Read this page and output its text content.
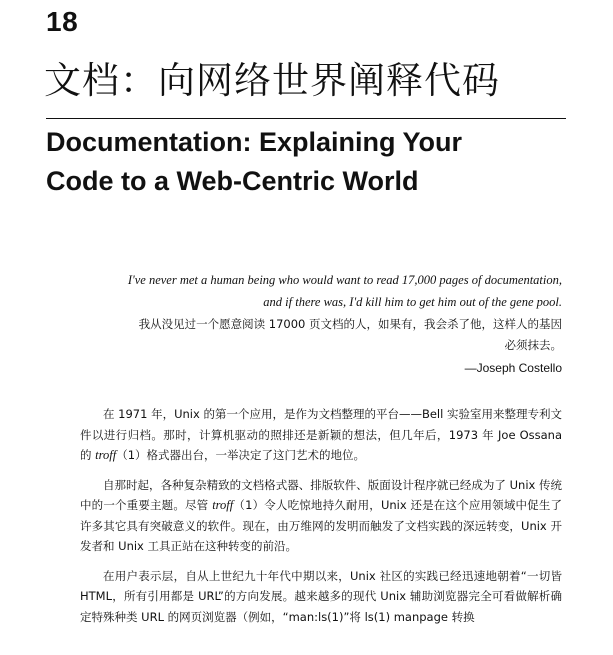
18
文档：向网络世界阐释代码
Documentation: Explaining Your
Code to a Web-Centric World
I've never met a human being who would want to read 17,000 pages of documentation,
and if there was, I'd kill him to get him out of the gene pool.
我从没见过一个愿意阅读 17000 页文档的人，如果有，我会杀了他，这样人的基因
必须抹去。
—Joseph Costello

在 1971 年，Unix 的第一个应用，是作为文档整理的平台——Bell 实验室用来整理专利文件以进行归档。那时，计算机驱动的照排还是新颖的想法，但几年后，1973 年 Joe Ossana 的 troff（1）格式器出台，一举决定了这门艺术的地位。

自那时起，各种复杂精致的文档格式器、排版软件、版面设计程序就已经成为了 Unix 传统中的一个重要主题。尽管 troff（1）令人吃惊地持久耐用，Unix 还是在这个应用领域中促生了许多其它具有突破意义的软件。现在，由万维网的发明而触发了文档实践的深远转变，Unix 开发者和 Unix 工具正站在这种转变的前沿。

在用户表示层，自从上世纪九十年代中期以来，Unix 社区的实践已经迅速地朝着“一切皆 HTML，所有引用都是 URL”的方向发展。越来越多的现代 Unix 辅助浏览器完全可看做解析确定特殊种类 URL 的网页浏览器（例如，“man:ls(1)”将 ls(1) manpage 转换
